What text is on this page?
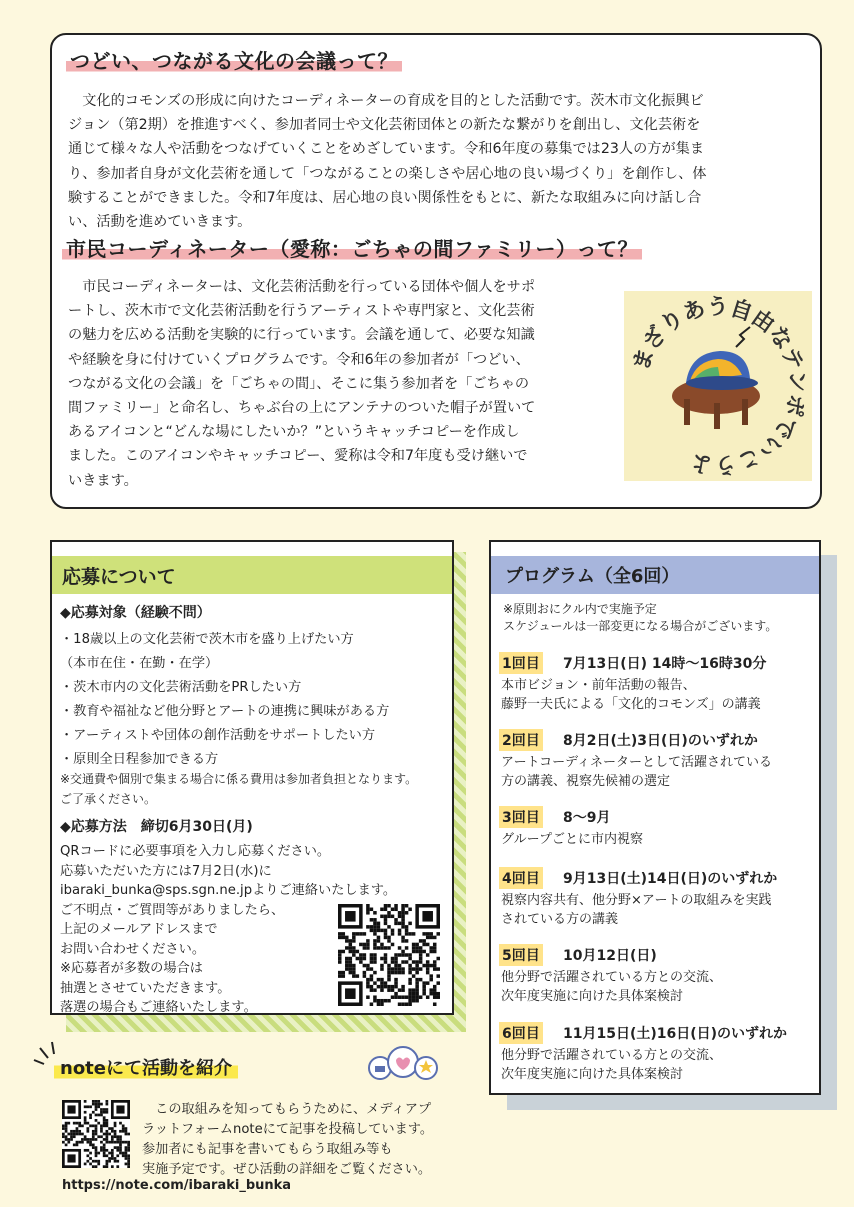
つどい、つながる文化の会議って？
　文化的コモンズの形成に向けたコーディネーターの育成を目的とした活動です。茨木市文化振興ビ
ジョン（第2期）を推進すべく、参加者同士や文化芸術団体との新たな繋がりを創出し、文化芸術を
通じて様々な人や活動をつなげていくことをめざしています。令和6年度の募集では23人の方が集ま
り、参加者自身が文化芸術を通して「つながることの楽しさや居心地の良い場づくり」を創作し、体
験することができました。令和7年度は、居心地の良い関係性をもとに、新たな取組みに向け話し合
い、活動を進めていきます。
市民コーディネーター（愛称：ごちゃの間ファミリー）って？
　市民コーディネーターは、文化芸術活動を行っている団体や個人をサポ
ートし、茨木市で文化芸術活動を行うアーティストや専門家と、文化芸術
の魅力を広める活動を実験的に行っています。会議を通して、必要な知識
や経験を身に付けていくプログラムです。令和6年の参加者が「つどい、
つながる文化の会議」を「ごちゃの間」、そこに集う参加者を「ごちゃの
間ファミリー」と命名し、ちゃぶ台の上にアンテナのついた帽子が置いて
あるアイコンと“どんな場にしたいか？”というキャッチコピーを作成し
ました。このアイコンやキャッチコピー、愛称は令和7年度も受け継いで
いきます。
まざりあう自由なテンポでいこうよ
応募について
◆応募対象（経験不問）
・18歳以上の文化芸術で茨木市を盛り上げたい方
（本市在住・在勤・在学）
・茨木市内の文化芸術活動をPRしたい方
・教育や福祉など他分野とアートの連携に興味がある方
・アーティストや団体の創作活動をサポートしたい方
・原則全日程参加できる方
※交通費や個別で集まる場合に係る費用は参加者負担となります。
ご了承ください。
◆応募方法　締切6月30日(月)
QRコードに必要事項を入力し応募ください。
応募いただいた方には7月2日(水)に
ibaraki_bunka@sps.sgn.ne.jpよりご連絡いたします。
ご不明点・ご質問等がありましたら、
上記のメールアドレスまで
お問い合わせください。
※応募者が多数の場合は
抽選とさせていただきます。
落選の場合もご連絡いたします。
プログラム（全6回）
※原則おにクル内で実施予定
スケジュールは一部変更になる場合がございます。
1回目 7月13日(日) 14時〜16時30分
本市ビジョン・前年活動の報告、
藤野一夫氏による「文化的コモンズ」の講義
2回目 8月2日(土)3日(日)のいずれか
アートコーディネーターとして活躍されている
方の講義、視察先候補の選定
3回目 8〜9月
グループごとに市内視察
4回目 9月13日(土)14日(日)のいずれか
視察内容共有、他分野×アートの取組みを実践
されている方の講義
5回目 10月12日(日)
他分野で活躍されている方との交流、
次年度実施に向けた具体案検討
6回目 11月15日(土)16日(日)のいずれか
他分野で活躍されている方との交流、
次年度実施に向けた具体案検討
noteにて活動を紹介
　この取組みを知ってもらうために、メディアプ
ラットフォームnoteにて記事を投稿しています。
参加者にも記事を書いてもらう取組み等も
実施予定です。ぜひ活動の詳細をご覧ください。
https://note.com/ibaraki_bunka
